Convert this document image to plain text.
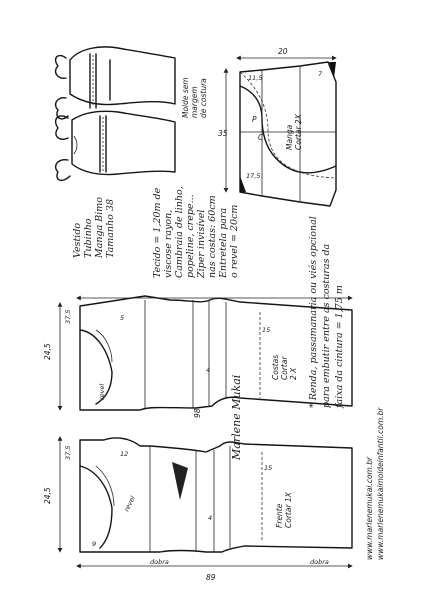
Vestido Tubinho Manga Bimo Tamanho 38	Tecido = 1,20m de viscose rayon, Cambraia de linho, popeline, crepe... Ziper invisível nas costas: 60cm Entretela para o revel = 20cm
Molde sem margem de costura
P
C	Manga Cortar 2X
20
35
11,5
17,5
7
* Renda, passamanaria ou viés opcional para embutir entre as costuras da faixa da cintura = 1,75 m
Costas Cortar 2 X
revel
24,5
37,5
4
15
5
98	Marlene Mukai
Frente Cortar 1X
revel
dobra	dobra
24,5
37,5
4
15
12
9
89
www.marlenemukai.com.br www.marlenemukaimoldeinfantil.com.br
